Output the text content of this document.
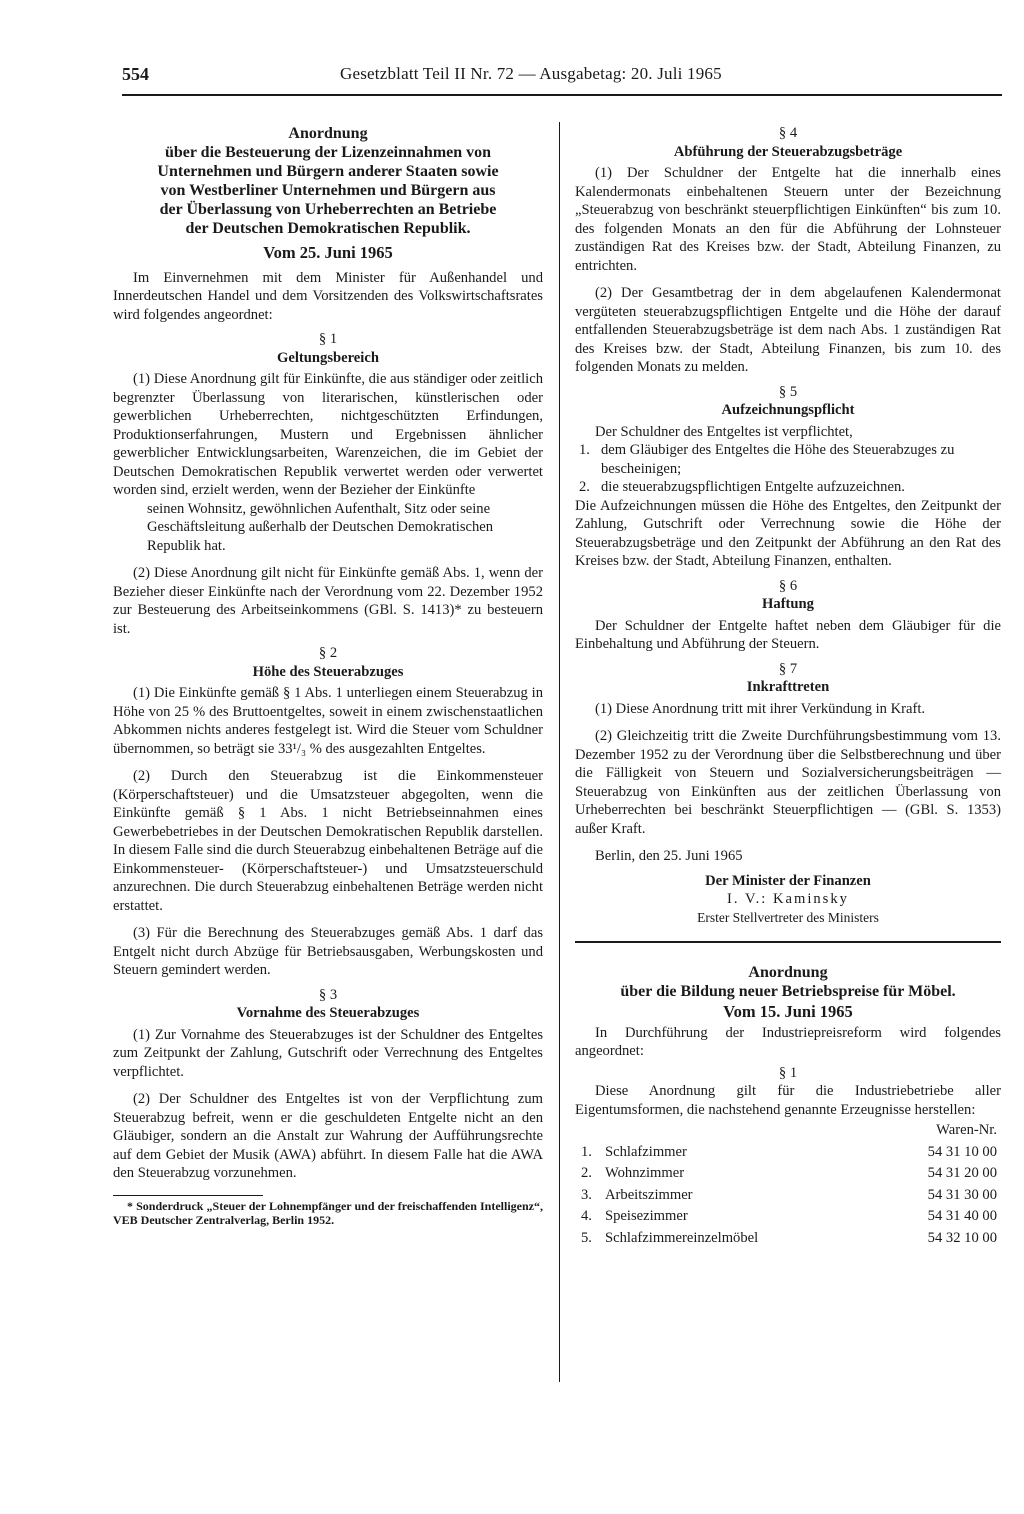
554	Gesetzblatt Teil II Nr. 72 — Ausgabetag: 20. Juli 1965
Anordnung
über die Besteuerung der Lizenzeinnahmen von
Unternehmen und Bürgern anderer Staaten sowie
von Westberliner Unternehmen und Bürgern aus
der Überlassung von Urheberrechten an Betriebe
der Deutschen Demokratischen Republik.
Vom 25. Juni 1965

Im Einvernehmen mit dem Minister für Außenhandel und Innerdeutschen Handel und dem Vorsitzenden des Volkswirtschaftsrates wird folgendes angeordnet:

§ 1
Geltungsbereich

(1) Diese Anordnung gilt für Einkünfte, die aus ständiger oder zeitlich begrenzter Überlassung von literarischen, künstlerischen oder gewerblichen Urheberrechten, nichtgeschützten Erfindungen, Produktionserfahrungen, Mustern und Ergebnissen ähnlicher gewerblicher Entwicklungsarbeiten, Warenzeichen, die im Gebiet der Deutschen Demokratischen Republik verwertet werden oder verwertet worden sind, erzielt werden, wenn der Bezieher der Einkünfte

seinen Wohnsitz, gewöhnlichen Aufenthalt, Sitz oder seine Geschäftsleitung außerhalb der Deutschen Demokratischen Republik hat.

(2) Diese Anordnung gilt nicht für Einkünfte gemäß Abs. 1, wenn der Bezieher dieser Einkünfte nach der Verordnung vom 22. Dezember 1952 zur Besteuerung des Arbeitseinkommens (GBl. S. 1413)* zu besteuern ist.

§ 2
Höhe des Steuerabzuges

(1) Die Einkünfte gemäß § 1 Abs. 1 unterliegen einem Steuerabzug in Höhe von 25 % des Bruttoentgeltes, soweit in einem zwischenstaatlichen Abkommen nichts anderes festgelegt ist. Wird die Steuer vom Schuldner übernommen, so beträgt sie 33¹/₃ % des ausgezahlten Entgeltes.

(2) Durch den Steuerabzug ist die Einkommensteuer (Körperschaftsteuer) und die Umsatzsteuer abgegolten, wenn die Einkünfte gemäß § 1 Abs. 1 nicht Betriebseinnahmen eines Gewerbebetriebes in der Deutschen Demokratischen Republik darstellen. In diesem Falle sind die durch Steuerabzug einbehaltenen Beträge auf die Einkommensteuer- (Körperschaftsteuer-) und Umsatzsteuerschuld anzurechnen. Die durch Steuerabzug einbehaltenen Beträge werden nicht erstattet.

(3) Für die Berechnung des Steuerabzuges gemäß Abs. 1 darf das Entgelt nicht durch Abzüge für Betriebsausgaben, Werbungskosten und Steuern gemindert werden.

§ 3
Vornahme des Steuerabzuges

(1) Zur Vornahme des Steuerabzuges ist der Schuldner des Entgeltes zum Zeitpunkt der Zahlung, Gutschrift oder Verrechnung des Entgeltes verpflichtet.

(2) Der Schuldner des Entgeltes ist von der Verpflichtung zum Steuerabzug befreit, wenn er die geschuldeten Entgelte nicht an den Gläubiger, sondern an die Anstalt zur Wahrung der Aufführungsrechte auf dem Gebiet der Musik (AWA) abführt. In diesem Falle hat die AWA den Steuerabzug vorzunehmen.

* Sonderdruck „Steuer der Lohnempfänger und der freischaffenden Intelligenz“, VEB Deutscher Zentralverlag, Berlin 1952.

§ 4
Abführung der Steuerabzugsbeträge

(1) Der Schuldner der Entgelte hat die innerhalb eines Kalendermonats einbehaltenen Steuern unter der Bezeichnung „Steuerabzug von beschränkt steuerpflichtigen Einkünften“ bis zum 10. des folgenden Monats an den für die Abführung der Lohnsteuer zuständigen Rat des Kreises bzw. der Stadt, Abteilung Finanzen, zu entrichten.

(2) Der Gesamtbetrag der in dem abgelaufenen Kalendermonat vergüteten steuerabzugspflichtigen Entgelte und die Höhe der darauf entfallenden Steuerabzugsbeträge ist dem nach Abs. 1 zuständigen Rat des Kreises bzw. der Stadt, Abteilung Finanzen, bis zum 10. des folgenden Monats zu melden.

§ 5
Aufzeichnungspflicht

Der Schuldner des Entgeltes ist verpflichtet,

1. dem Gläubiger des Entgeltes die Höhe des Steuerabzuges zu bescheinigen;
2. die steuerabzugspflichtigen Entgelte aufzuzeichnen.

Die Aufzeichnungen müssen die Höhe des Entgeltes, den Zeitpunkt der Zahlung, Gutschrift oder Verrechnung sowie die Höhe der Steuerabzugsbeträge und den Zeitpunkt der Abführung an den Rat des Kreises bzw. der Stadt, Abteilung Finanzen, enthalten.

§ 6
Haftung

Der Schuldner der Entgelte haftet neben dem Gläubiger für die Einbehaltung und Abführung der Steuern.

§ 7
Inkrafttreten

(1) Diese Anordnung tritt mit ihrer Verkündung in Kraft.

(2) Gleichzeitig tritt die Zweite Durchführungsbestimmung vom 13. Dezember 1952 zu der Verordnung über die Selbstberechnung und über die Fälligkeit von Steuern und Sozialversicherungsbeiträgen — Steuerabzug von Einkünften aus der zeitlichen Überlassung von Urheberrechten bei beschränkt Steuerpflichtigen — (GBl. S. 1353) außer Kraft.

Berlin, den 25. Juni 1965

Der Minister der Finanzen
I. V.: Kaminsky
Erster Stellvertreter des Ministers
Anordnung
über die Bildung neuer Betriebspreise für Möbel.
Vom 15. Juni 1965

In Durchführung der Industriepreisreform wird folgendes angeordnet:

§ 1

Diese Anordnung gilt für die Industriebetriebe aller Eigentumsformen, die nachstehend genannte Erzeugnisse herstellen:

Waren-Nr.
1. Schlafzimmer	54 31 10 00
2. Wohnzimmer	54 31 20 00
3. Arbeitszimmer	54 31 30 00
4. Speisezimmer	54 31 40 00
5. Schlafzimmereinzelmöbel	54 32 10 00
